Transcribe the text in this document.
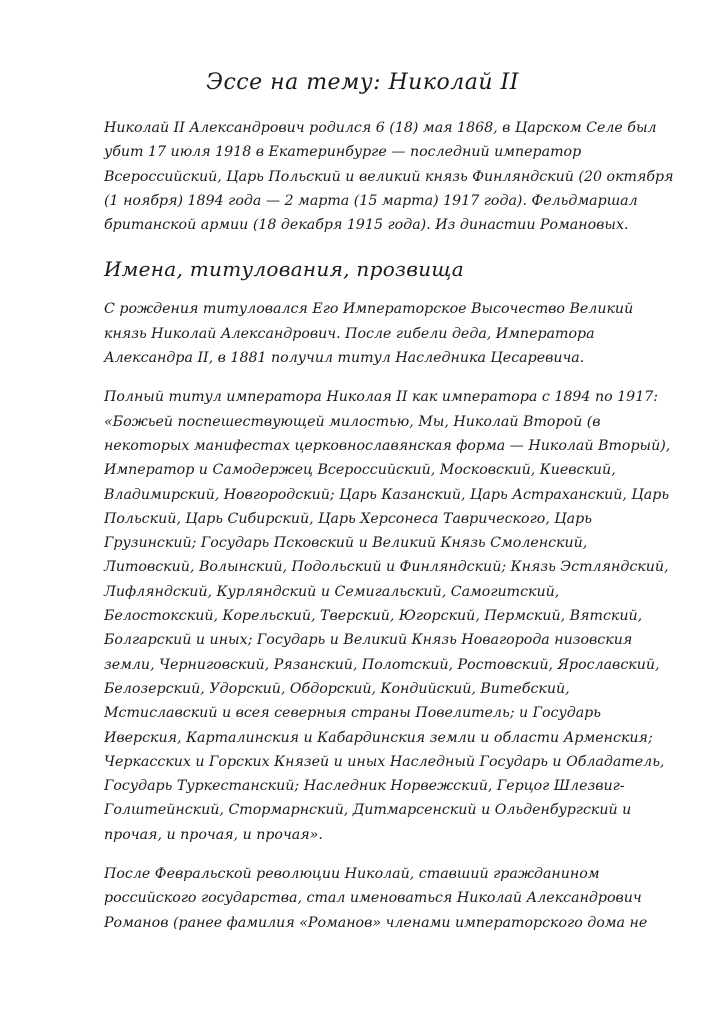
Эссе на тему: Николай II

Николай II Александрович родился 6 (18) мая 1868, в Царском Селе был убит 17 июля 1918 в Екатеринбурге — последний император Всероссийский, Царь Польский и великий князь Финляндский (20 октября (1 ноября) 1894 года — 2 марта (15 марта) 1917 года). Фельдмаршал британской армии (18 декабря 1915 года). Из династии Романовых.

Имена, титулования, прозвища

С рождения титуловался Его Императорское Высочество Великий князь Николай Александрович. После гибели деда, Императора Александра II, в 1881 получил титул Наследника Цесаревича.

Полный титул императора Николая II как императора с 1894 по 1917: «Божьей поспешествующей милостью, Мы, Николай Второй (в некоторых манифестах церковнославянская форма — Николай Вторый), Император и Самодержец Всероссийский, Московский, Киевский, Владимирский, Новгородский; Царь Казанский, Царь Астраханский, Царь Польский, Царь Сибирский, Царь Херсонеса Таврического, Царь Грузинский; Государь Псковский и Великий Князь Смоленский, Литовский, Волынский, Подольский и Финляндский; Князь Эстляндский, Лифляндский, Курляндский и Семигальский, Самогитский, Белостокский, Корельский, Тверский, Югорский, Пермский, Вятский, Болгарский и иных; Государь и Великий Князь Новагорода низовския земли, Черниговский, Рязанский, Полотский, Ростовский, Ярославский, Белозерский, Удорский, Обдорский, Кондийский, Витебский, Мстиславский и всея северныя страны Повелитель; и Государь Иверския, Карталинския и Кабардинския земли и области Арменския; Черкасских и Горских Князей и иных Наследный Государь и Обладатель, Государь Туркестанский; Наследник Норвежский, Герцог Шлезвиг-Голштейнский, Стормарнский, Дитмарсенский и Ольденбургский и прочая, и прочая, и прочая».

После Февральской революции Николай, ставший гражданином российского государства, стал именоваться Николай Александрович Романов (ранее фамилия «Романов» членами императорского дома не
